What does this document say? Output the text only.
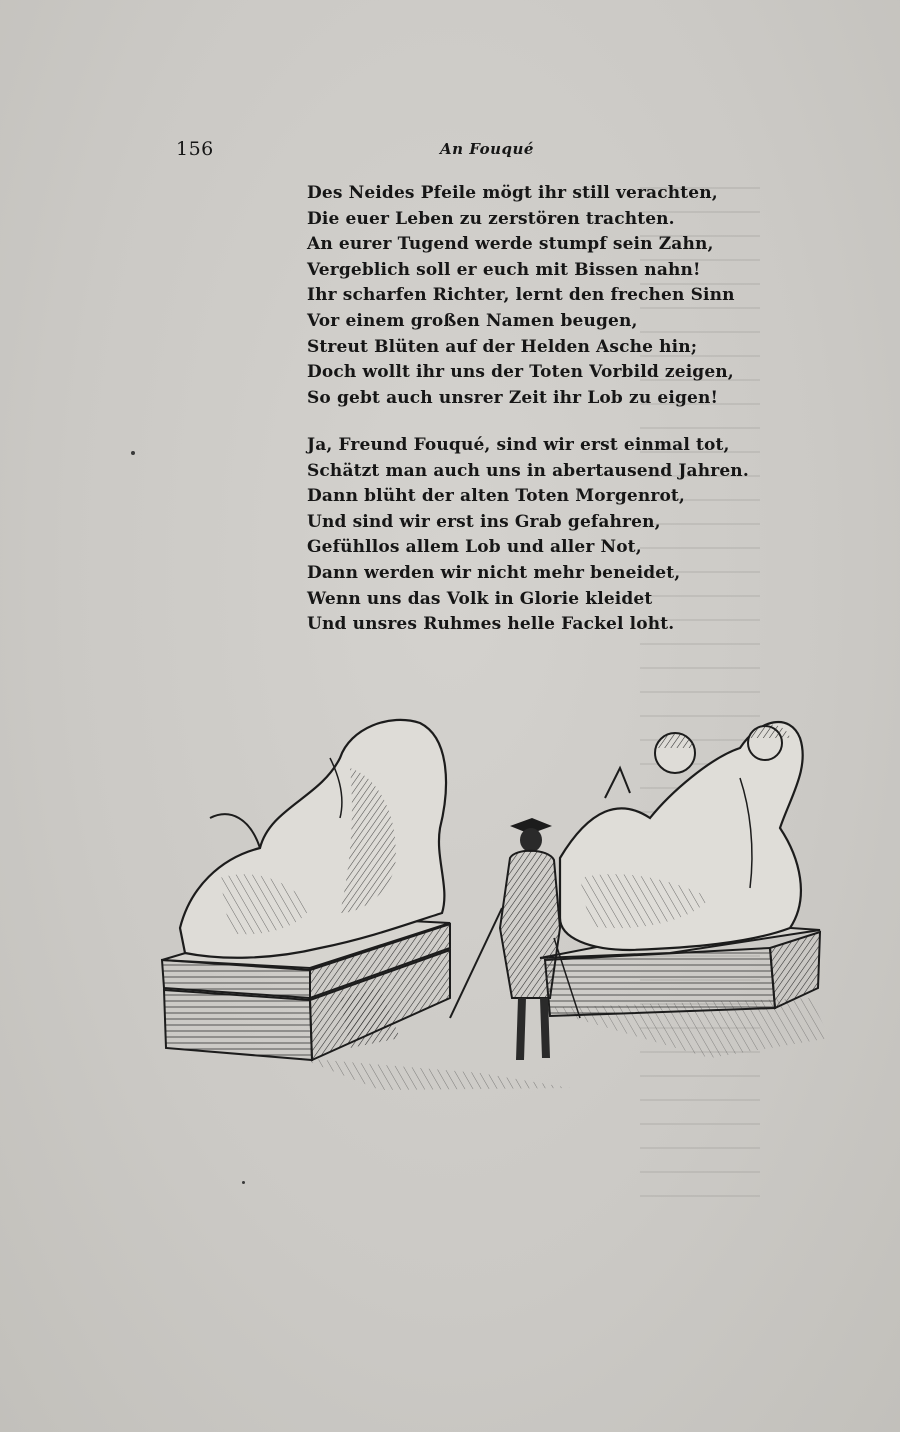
156	An Fouqué
Des Neides Pfeile mögt ihr still verachten,
Die euer Leben zu zerstören trachten.
An eurer Tugend werde stumpf sein Zahn,
Vergeblich soll er euch mit Bissen nahn!
Ihr scharfen Richter, lernt den frechen Sinn
Vor einem großen Namen beugen,
Streut Blüten auf der Helden Asche hin;
Doch wollt ihr uns der Toten Vorbild zeigen,
So gebt auch unsrer Zeit ihr Lob zu eigen!
Ja, Freund Fouqué, sind wir erst einmal tot,
Schätzt man auch uns in abertausend Jahren.
Dann blüht der alten Toten Morgenrot,
Und sind wir erst ins Grab gefahren,
Gefühllos allem Lob und aller Not,
Dann werden wir nicht mehr beneidet,
Wenn uns das Volk in Glorie kleidet
Und unsres Ruhmes helle Fackel loht.
